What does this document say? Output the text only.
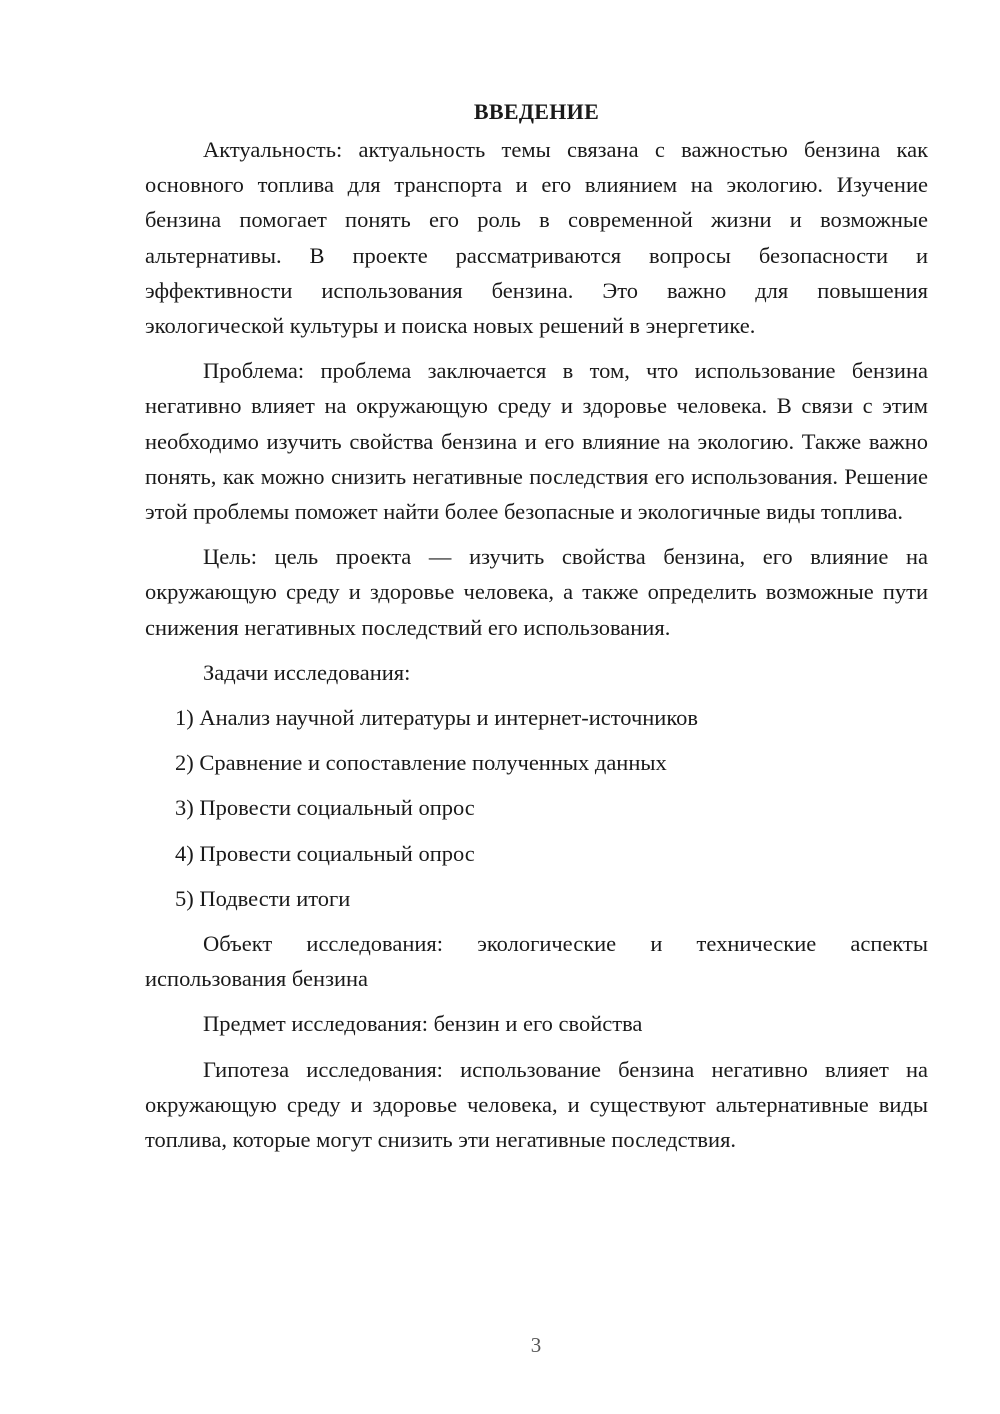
ВВЕДЕНИЕ

Актуальность: актуальность темы связана с важностью бензина как основного топлива для транспорта и его влиянием на экологию. Изучение бензина помогает понять его роль в современной жизни и возможные альтернативы. В проекте рассматриваются вопросы безопасности и эффективности использования бензина. Это важно для повышения экологической культуры и поиска новых решений в энергетике.

Проблема: проблема заключается в том, что использование бензина негативно влияет на окружающую среду и здоровье человека. В связи с этим необходимо изучить свойства бензина и его влияние на экологию. Также важно понять, как можно снизить негативные последствия его использования. Решение этой проблемы поможет найти более безопасные и экологичные виды топлива.

Цель: цель проекта — изучить свойства бензина, его влияние на окружающую среду и здоровье человека, а также определить возможные пути снижения негативных последствий его использования.

Задачи исследования:

1) Анализ научной литературы и интернет-источников
2) Сравнение и сопоставление полученных данных
3) Провести социальный опрос
4) Провести социальный опрос
5) Подвести итоги

Объект исследования: экологические и технические аспекты использования бензина

Предмет исследования: бензин и его свойства

Гипотеза исследования: использование бензина негативно влияет на окружающую среду и здоровье человека, и существуют альтернативные виды топлива, которые могут снизить эти негативные последствия.

3
